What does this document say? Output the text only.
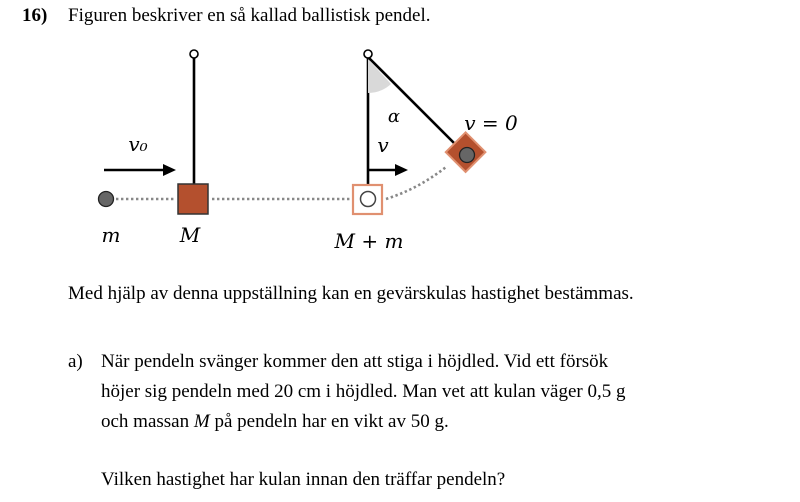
16) Figuren beskriver en så kallad ballistisk pendel.
v₀
m	M	M + m
v
α	v = 0
Med hjälp av denna uppställning kan en gevärskulas hastighet bestämmas.
a) När pendeln svänger kommer den att stiga i höjdled. Vid ett försök
höjer sig pendeln med 20 cm i höjdled. Man vet att kulan väger 0,5 g
och massan M på pendeln har en vikt av 50 g.
Vilken hastighet har kulan innan den träffar pendeln?
